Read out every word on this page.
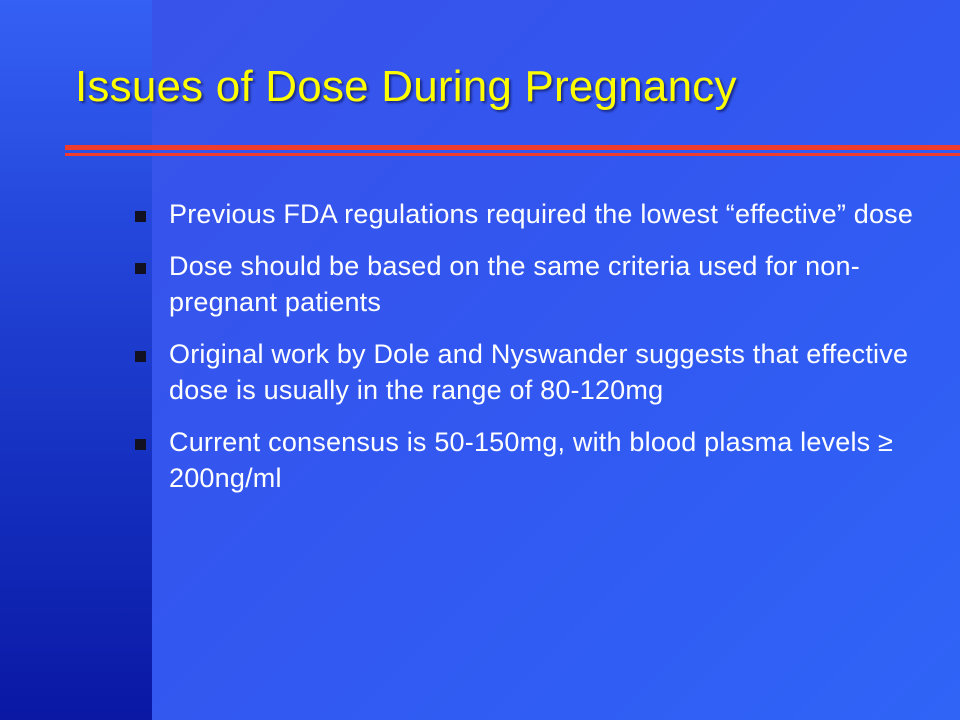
Issues of Dose During Pregnancy
Previous FDA regulations required the lowest “effective” dose
Dose should be based on the same criteria used for non-pregnant patients
Original work by Dole and Nyswander suggests that effective dose is usually in the range of 80-120mg
Current consensus is 50-150mg, with blood plasma levels ≥ 200ng/ml
